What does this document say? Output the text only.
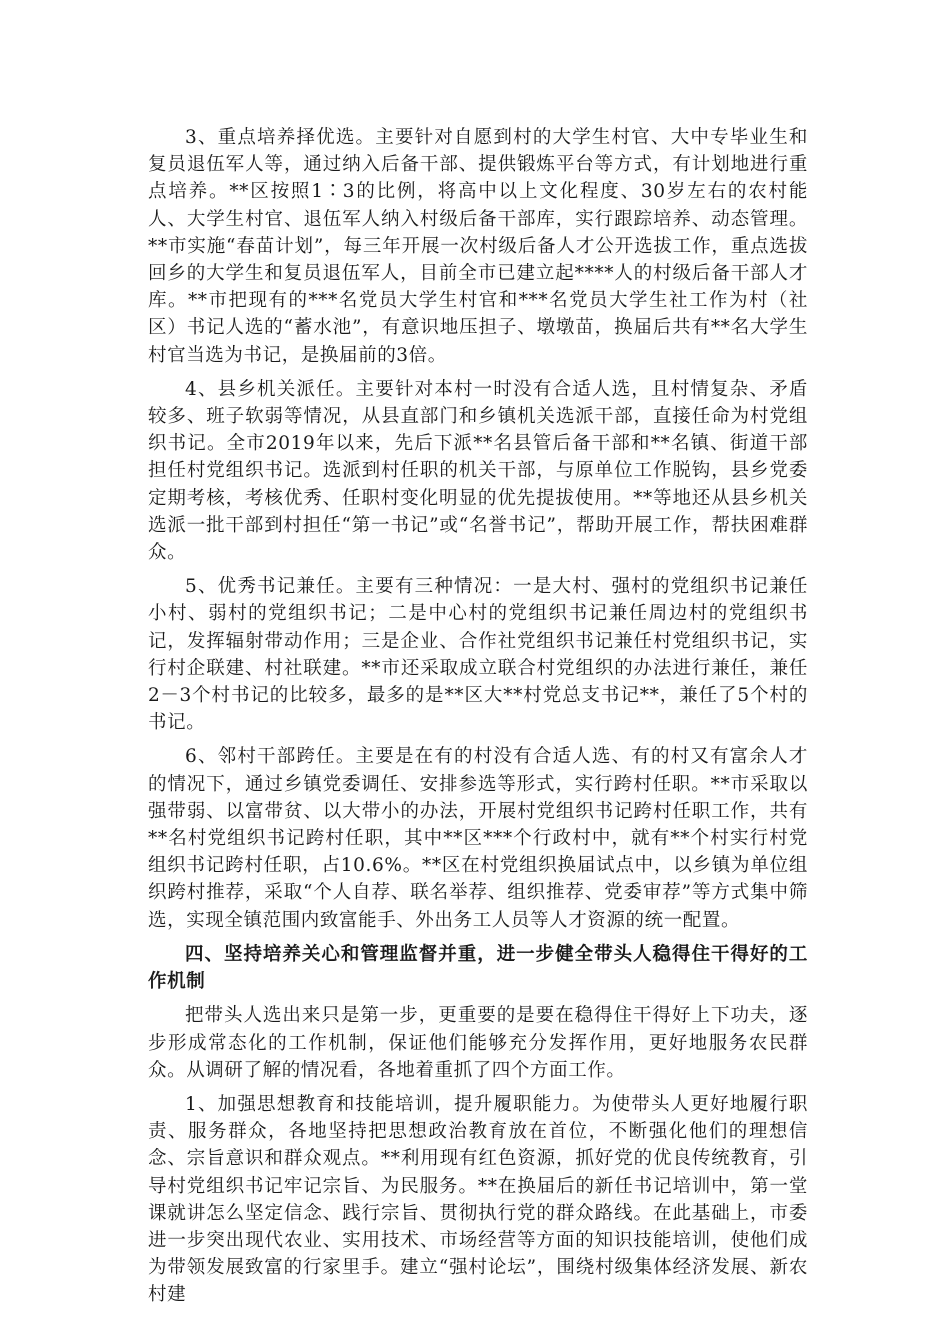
3、重点培养择优选。主要针对自愿到村的大学生村官、大中专毕业生和复员退伍军人等，通过纳入后备干部、提供锻炼平台等方式，有计划地进行重点培养。**区按照1∶3的比例，将高中以上文化程度、30岁左右的农村能人、大学生村官、退伍军人纳入村级后备干部库，实行跟踪培养、动态管理。**市实施“春苗计划”，每三年开展一次村级后备人才公开选拔工作，重点选拔回乡的大学生和复员退伍军人，目前全市已建立起****人的村级后备干部人才库。**市把现有的***名党员大学生村官和***名党员大学生社工作为村（社区）书记人选的“蓄水池”，有意识地压担子、墩墩苗，换届后共有**名大学生村官当选为书记，是换届前的3倍。

4、县乡机关派任。主要针对本村一时没有合适人选，且村情复杂、矛盾较多、班子软弱等情况，从县直部门和乡镇机关选派干部，直接任命为村党组织书记。全市2019年以来，先后下派**名县管后备干部和**名镇、街道干部担任村党组织书记。选派到村任职的机关干部，与原单位工作脱钩，县乡党委定期考核，考核优秀、任职村变化明显的优先提拔使用。**等地还从县乡机关选派一批干部到村担任“第一书记”或“名誉书记”，帮助开展工作，帮扶困难群众。

5、优秀书记兼任。主要有三种情况：一是大村、强村的党组织书记兼任小村、弱村的党组织书记；二是中心村的党组织书记兼任周边村的党组织书记，发挥辐射带动作用；三是企业、合作社党组织书记兼任村党组织书记，实行村企联建、村社联建。**市还采取成立联合村党组织的办法进行兼任，兼任2－3个村书记的比较多，最多的是**区大**村党总支书记**，兼任了5个村的书记。

6、邻村干部跨任。主要是在有的村没有合适人选、有的村又有富余人才的情况下，通过乡镇党委调任、安排参选等形式，实行跨村任职。**市采取以强带弱、以富带贫、以大带小的办法，开展村党组织书记跨村任职工作，共有**名村党组织书记跨村任职，其中**区***个行政村中，就有**个村实行村党组织书记跨村任职，占10.6%。**区在村党组织换届试点中，以乡镇为单位组织跨村推荐，采取“个人自荐、联名举荐、组织推荐、党委审荐”等方式集中筛选，实现全镇范围内致富能手、外出务工人员等人才资源的统一配置。

四、坚持培养关心和管理监督并重，进一步健全带头人稳得住干得好的工作机制

把带头人选出来只是第一步，更重要的是要在稳得住干得好上下功夫，逐步形成常态化的工作机制，保证他们能够充分发挥作用，更好地服务农民群众。从调研了解的情况看，各地着重抓了四个方面工作。

1、加强思想教育和技能培训，提升履职能力。为使带头人更好地履行职责、服务群众，各地坚持把思想政治教育放在首位，不断强化他们的理想信念、宗旨意识和群众观点。**利用现有红色资源，抓好党的优良传统教育，引导村党组织书记牢记宗旨、为民服务。**在换届后的新任书记培训中，第一堂课就讲怎么坚定信念、践行宗旨、贯彻执行党的群众路线。在此基础上，市委进一步突出现代农业、实用技术、市场经营等方面的知识技能培训，使他们成为带领发展致富的行家里手。建立“强村论坛”，围绕村级集体经济发展、新农村建
